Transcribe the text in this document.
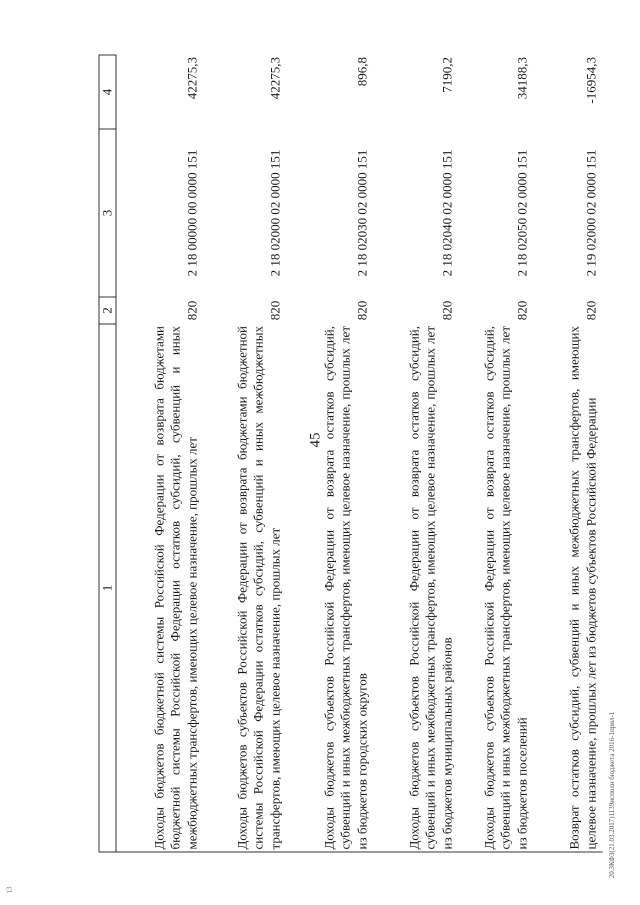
45
1	2	3	4
Доходы бюджетов бюджетной системы Российской Федерации от возврата бюджетами бюджетной системы Российской Федерации остатков субсидий, субвенций и иных межбюджетных трансфертов, имеющих целевое назначение, прошлых лет	820	2 18 00000 00 0000 151	42275,3
Доходы бюджетов субъектов Российской Федерации от возврата бюджетами бюджетной системы Российской Федерации остатков субсидий, субвенций и иных межбюджетных трансфертов, имеющих целевое назначение, прошлых лет	820	2 18 02000 02 0000 151	42275,3
Доходы бюджетов субъектов Российской Федерации от возврата остатков субсидий, субвенций и иных межбюджетных трансфертов, имеющих целевое назначение, прошлых лет из бюджетов городских округов	820	2 18 02030 02 0000 151	896,8
Доходы бюджетов субъектов Российской Федерации от возврата остатков субсидий, субвенций и иных межбюджетных трансфертов, имеющих целевое назначение, прошлых лет из бюджетов муниципальных районов	820	2 18 02040 02 0000 151	7190,2
Доходы бюджетов субъектов Российской Федерации от возврата остатков субсидий, субвенций и иных межбюджетных трансфертов, имеющих целевое назначение, прошлых лет из бюджетов поселений	820	2 18 02050 02 0000 151	34188,3
Возврат остатков субсидий, субвенций и иных межбюджетных трансфертов, имеющих целевое назначение, прошлых лет из бюджетов субъектов Российской Федерации	820	2 19 02000 02 0000 151	-16954,3
20.3КФЗ(21.03.2017)1139исполн бюджета 2016-1прил-1
13
